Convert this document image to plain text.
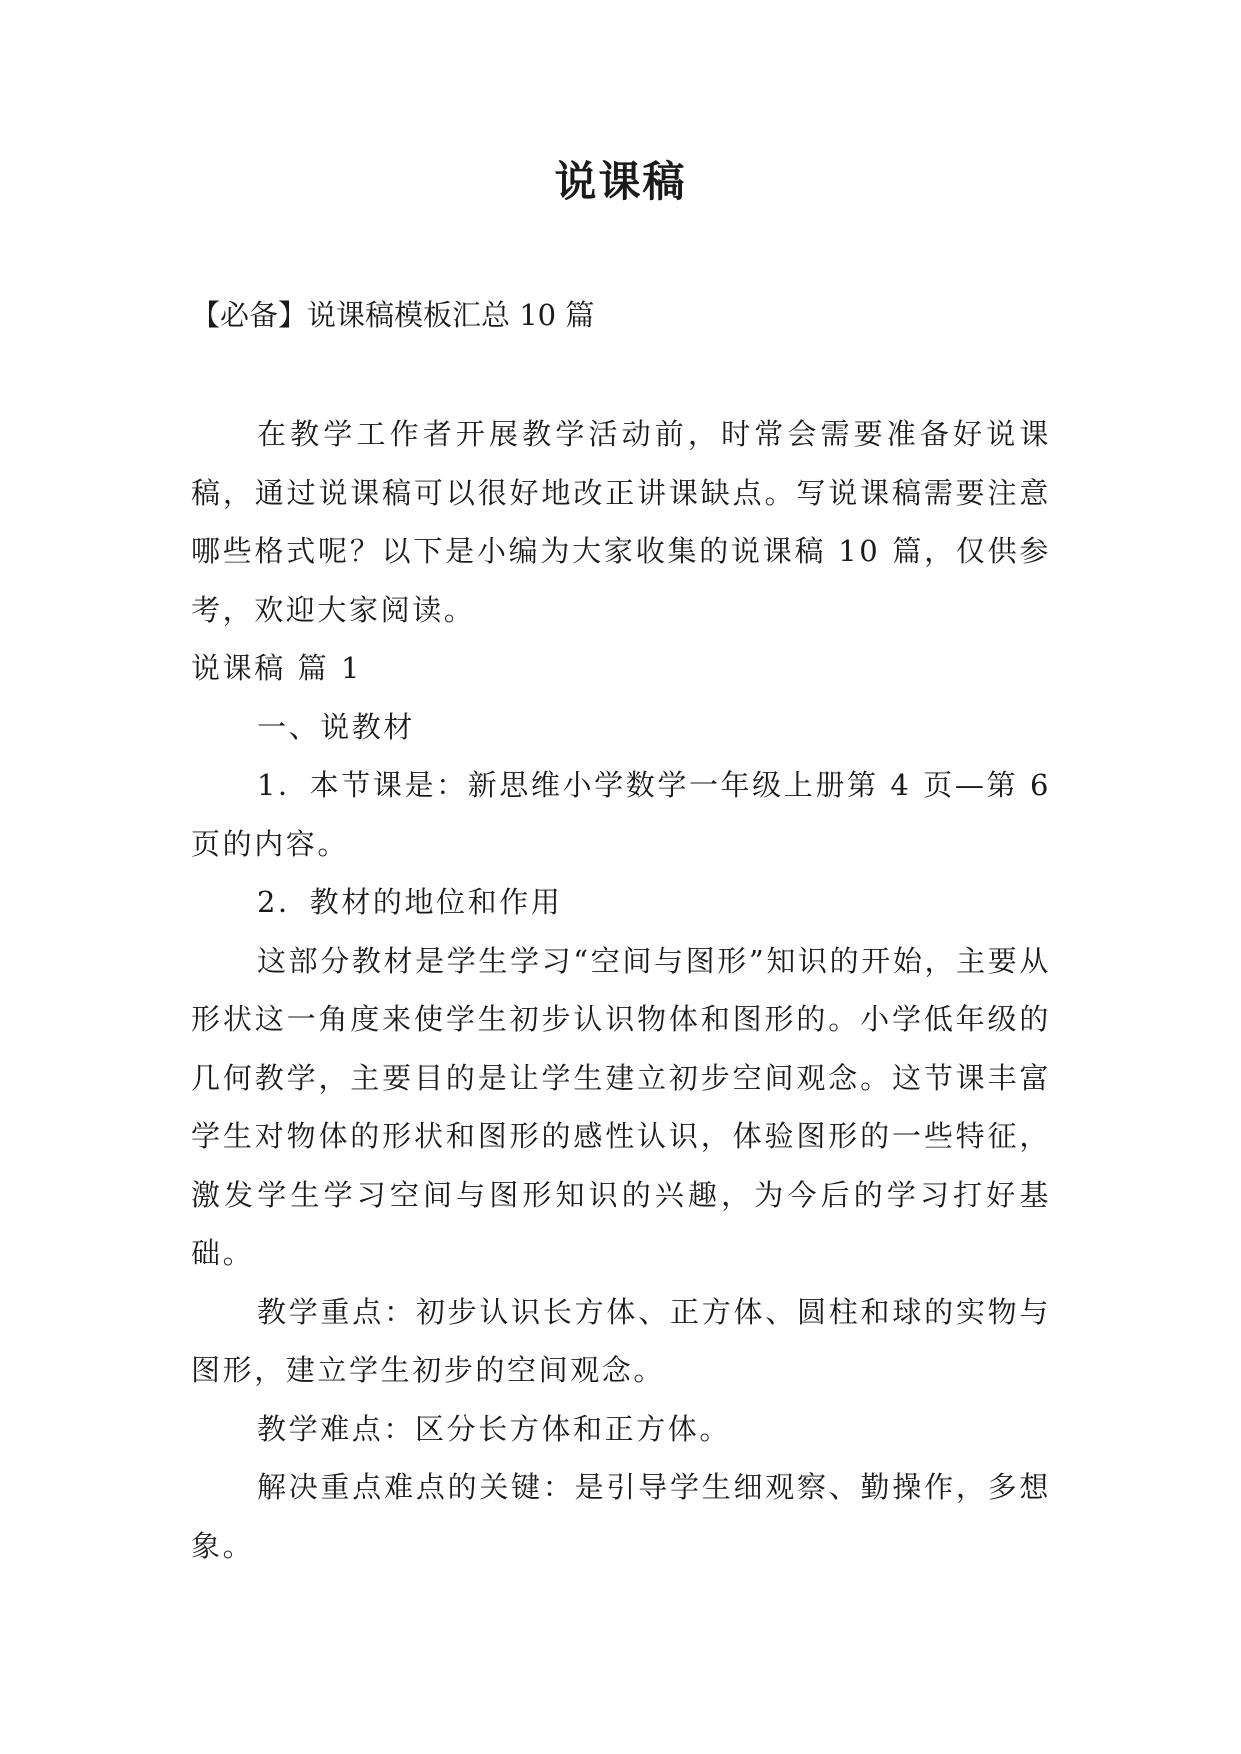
说课稿

【必备】说课稿模板汇总 10 篇

在教学工作者开展教学活动前，时常会需要准备好说课稿，通过说课稿可以很好地改正讲课缺点。写说课稿需要注意哪些格式呢？以下是小编为大家收集的说课稿 10 篇，仅供参考，欢迎大家阅读。

说课稿 篇 1

一、说教材

1．本节课是：新思维小学数学一年级上册第 4 页—第 6 页的内容。

2．教材的地位和作用

这部分教材是学生学习“空间与图形”知识的开始，主要从形状这一角度来使学生初步认识物体和图形的。小学低年级的几何教学，主要目的是让学生建立初步空间观念。这节课丰富学生对物体的形状和图形的感性认识，体验图形的一些特征，激发学生学习空间与图形知识的兴趣，为今后的学习打好基础。

教学重点：初步认识长方体、正方体、圆柱和球的实物与图形，建立学生初步的空间观念。

教学难点：区分长方体和正方体。

解决重点难点的关键：是引导学生细观察、勤操作，多想象。
